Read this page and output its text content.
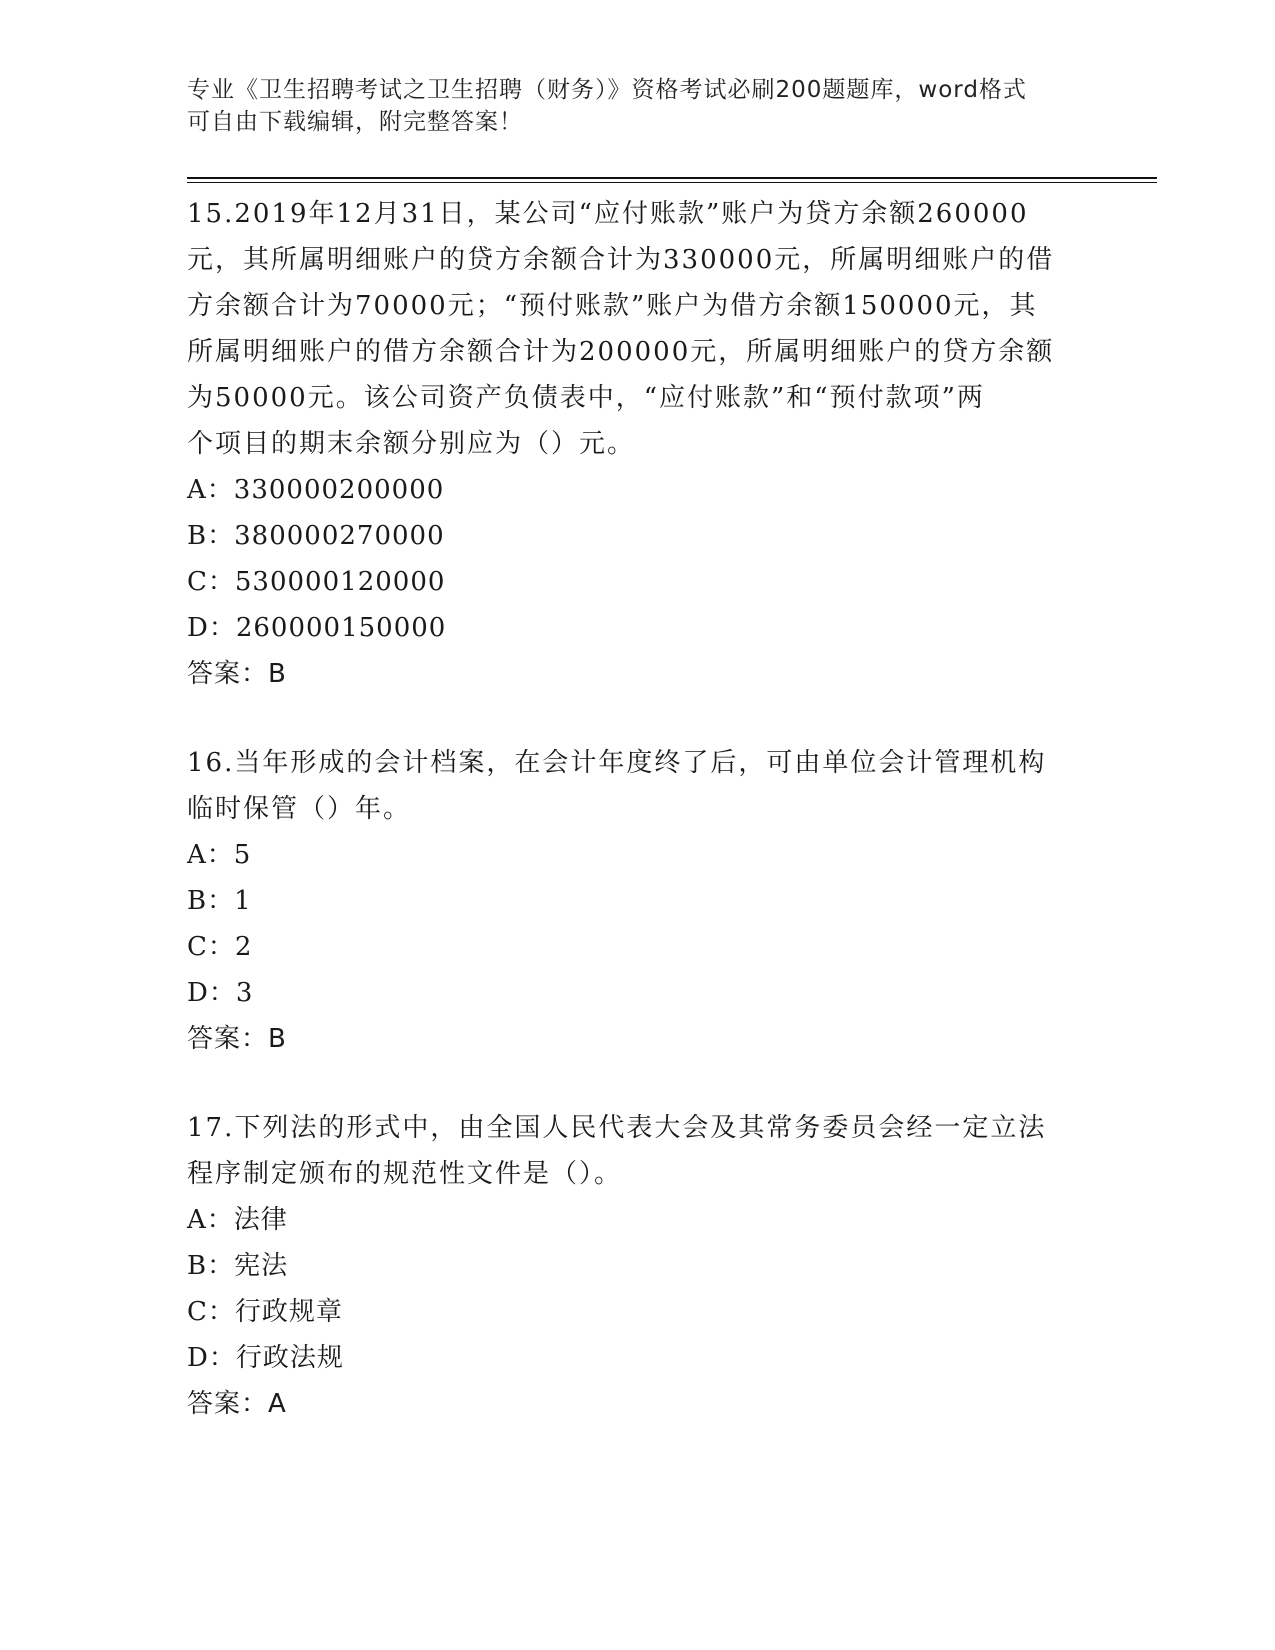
专业《卫生招聘考试之卫生招聘（财务）》资格考试必刷200题题库，word格式
可自由下载编辑，附完整答案！
15.2019年12月31日，某公司“应付账款”账户为贷方余额260000
元，其所属明细账户的贷方余额合计为330000元，所属明细账户的借
方余额合计为70000元；“预付账款”账户为借方余额150000元，其
所属明细账户的借方余额合计为200000元，所属明细账户的贷方余额
为50000元。该公司资产负债表中，“应付账款”和“预付款项”两
个项目的期末余额分别应为（）元。
A：330000200000
B：380000270000
C：530000120000
D：260000150000
答案：B
16.当年形成的会计档案，在会计年度终了后，可由单位会计管理机构
临时保管（）年。
A：5
B：1
C：2
D：3
答案：B
17.下列法的形式中，由全国人民代表大会及其常务委员会经一定立法
程序制定颁布的规范性文件是（）。
A：法律
B：宪法
C：行政规章
D：行政法规
答案：A
